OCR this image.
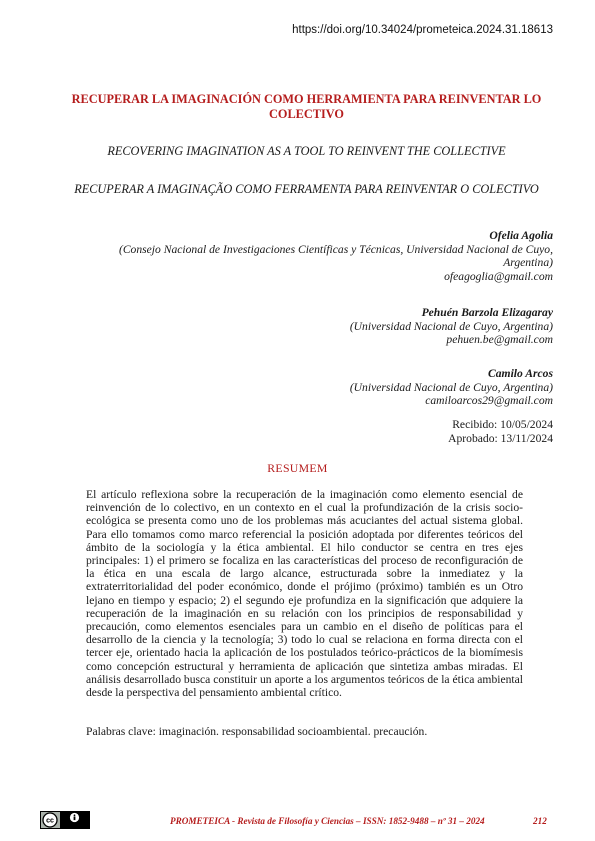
https://doi.org/10.34024/prometeica.2024.31.18613
RECUPERAR LA IMAGINACIÓN COMO HERRAMIENTA PARA REINVENTAR LO COLECTIVO
RECOVERING IMAGINATION AS A TOOL TO REINVENT THE COLLECTIVE
RECUPERAR A IMAGINAÇÃO COMO FERRAMENTA PARA REINVENTAR O COLECTIVO
Ofelia Agolia
(Consejo Nacional de Investigaciones Científicas y Técnicas, Universidad Nacional de Cuyo, Argentina)
ofeagoglia@gmail.com
Pehuén Barzola Elizagaray
(Universidad Nacional de Cuyo, Argentina)
pehuen.be@gmail.com
Camilo Arcos
(Universidad Nacional de Cuyo, Argentina)
camiloarcos29@gmail.com
Recibido: 10/05/2024
Aprobado: 13/11/2024
RESUMEM
El artículo reflexiona sobre la recuperación de la imaginación como elemento esencial de reinvención de lo colectivo, en un contexto en el cual la profundización de la crisis socio-ecológica se presenta como uno de los problemas más acuciantes del actual sistema global. Para ello tomamos como marco referencial la posición adoptada por diferentes teóricos del ámbito de la sociología y la ética ambiental. El hilo conductor se centra en tres ejes principales: 1) el primero se focaliza en las características del proceso de reconfiguración de la ética en una escala de largo alcance, estructurada sobre la inmediatez y la extraterritorialidad del poder económico, donde el prójimo (próximo) también es un Otro lejano en tiempo y espacio; 2) el segundo eje profundiza en la significación que adquiere la recuperación de la imaginación en su relación con los principios de responsabilidad y precaución, como elementos esenciales para un cambio en el diseño de políticas para el desarrollo de la ciencia y la tecnología; 3) todo lo cual se relaciona en forma directa con el tercer eje, orientado hacia la aplicación de los postulados teórico-prácticos de la biomímesis como concepción estructural y herramienta de aplicación que sintetiza ambas miradas. El análisis desarrollado busca constituir un aporte a los argumentos teóricos de la ética ambiental desde la perspectiva del pensamiento ambiental crítico.
Palabras clave: imaginación. responsabilidad socioambiental. precaución.
cc	PROMETEICA - Revista de Filosofía y Ciencias – ISSN: 1852-9488 – nº 31 – 2024	212
